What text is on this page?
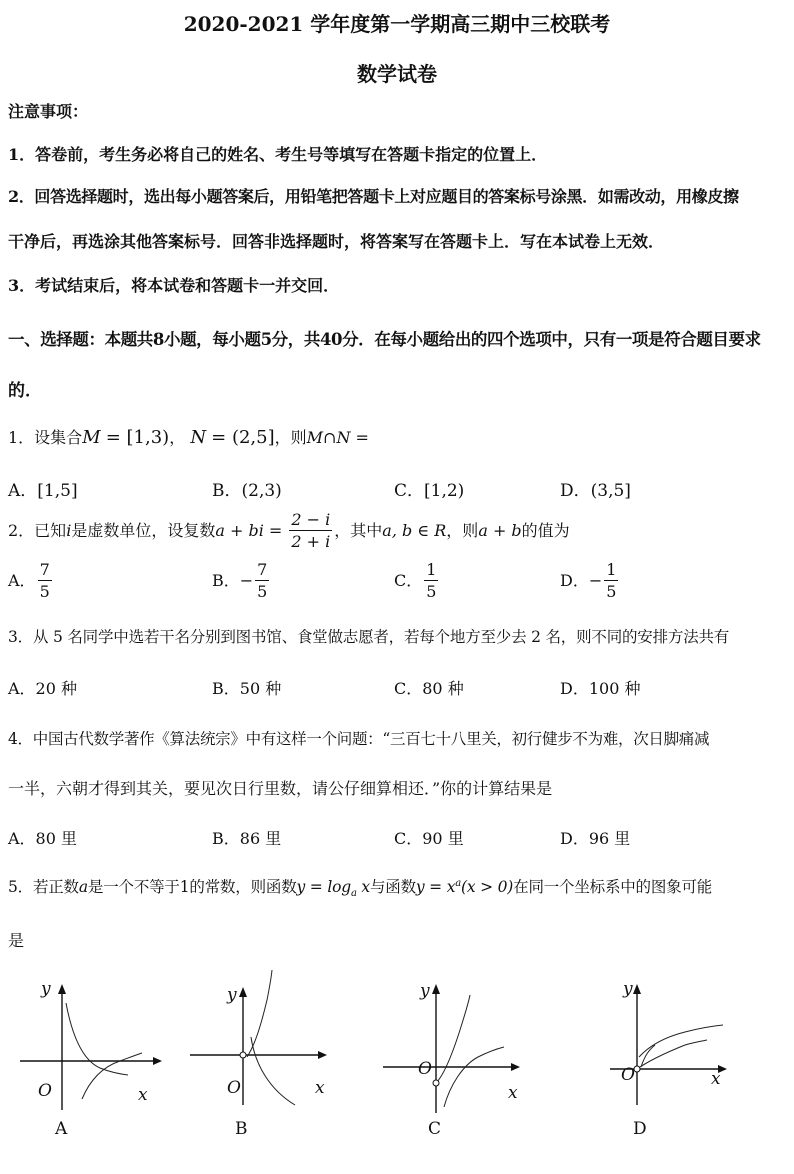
2020-2021 学年度第一学期高三期中三校联考
数学试卷
注意事项：
1．答卷前，考生务必将自己的姓名、考生号等填写在答题卡指定的位置上．
2．回答选择题时，选出每小题答案后，用铅笔把答题卡上对应题目的答案标号涂黑．如需改动，用橡皮擦
干净后，再选涂其他答案标号．回答非选择题时，将答案写在答题卡上．写在本试卷上无效．
3．考试结束后，将本试卷和答题卡一并交回．
一、选择题：本题共8小题，每小题5分，共40分．在每小题给出的四个选项中，只有一项是符合题目要求
的．
1．设集合M = [1,3)， N = (2,5]，则M∩N =
A．[1,5]	B．(2,3)	C．[1,2)	D．(3,5]
2．已知i是虚数单位，设复数a + bi = $\frac{2 - i}{2 + i}$ ，其中a, b ∈ R，则a + b的值为
A． $\frac{7}{5}$	B．− $\frac{7}{5}$	C． $\frac{1}{5}$	D．− $\frac{1}{5}$
3．从 5 名同学中选若干名分别到图书馆、食堂做志愿者，若每个地方至少去 2 名，则不同的安排方法共有
A．20 种	B．50 种	C．80 种	D．100 种
4．中国古代数学著作《算法统宗》中有这样一个问题：“三百七十八里关，初行健步不为难，次日脚痛减
一半，六朝才得到其关，要见次日行里数，请公仔细算相还．”你的计算结果是
A．80 里	B．86 里	C．90 里	D．96 里
5．若正数a是一个不等于1的常数，则函数$y = \log_a x$与函数$y = x^a(x > 0)$在同一个坐标系中的图象可能
是
y
O	x
A
y
O	x
B
y
O
x
C
y
O	x
D
